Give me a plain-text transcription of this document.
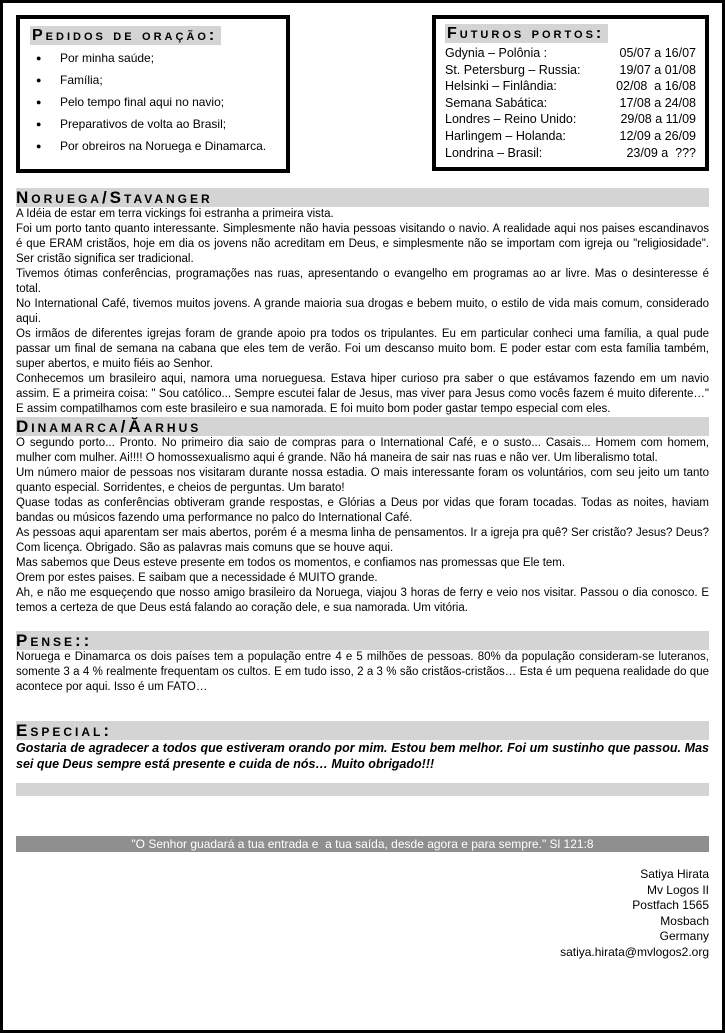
Pedidos de oração:
●	Por minha saúde;
●	Família;
●	Pelo tempo final aqui no navio;
●	Preparativos de volta ao Brasil;
●	Por obreiros na Noruega e Dinamarca.
Futuros portos:
Gdynia – Polônia :	05/07 a 16/07
St. Petersburg – Russia:	19/07 a 01/08
Helsinki – Finlândia:	02/08  a 16/08
Semana Sabática:	17/08 a 24/08
Londres – Reino Unido:	29/08 a 11/09
Harlingem – Holanda:	12/09 a 26/09
Londrina – Brasil:	23/09 a  ???
Noruega/Stavanger
A Idéia de estar em terra vickings foi estranha a primeira vista.
Foi um porto tanto quanto interessante. Simplesmente não havia pessoas visitando o navio. A realidade aqui nos paises escandinavos é que ERAM cristãos, hoje em dia os jovens não acreditam em Deus, e simplesmente não se importam com igreja ou "religiosidade". Ser cristão significa ser tradicional.
Tivemos ótimas conferências, programações nas ruas, apresentando o evangelho em programas ao ar livre. Mas o desinteresse é total.
No International Café, tivemos muitos jovens. A grande maioria sua drogas e bebem muito, o estilo de vida mais comum, considerado aqui.
Os irmãos de diferentes igrejas foram de grande apoio pra todos os tripulantes. Eu em particular conheci uma família, a qual pude passar um final de semana na cabana que eles tem de verão. Foi um descanso muito bom. E poder estar com esta família também, super abertos, e muito fiéis ao Senhor.
Conhecemos um brasileiro aqui, namora uma norueguesa. Estava hiper curioso pra saber o que estávamos fazendo em um navio assim. E a primeira coisa: " Sou católico... Sempre escutei falar de Jesus, mas viver para Jesus como vocês fazem é muito diferente…" E assim compatilhamos com este brasileiro e sua namorada. E foi muito bom poder gastar tempo especial com eles.
Dinamarca/Ăarhus
O segundo porto... Pronto. No primeiro dia saio de compras para o International Café, e o susto... Casais... Homem com homem, mulher com mulher. Ai!!!! O homossexualismo aqui é grande. Não há maneira de sair nas ruas e não ver. Um liberalismo total.
Um número maior de pessoas nos visitaram durante nossa estadia. O mais interessante foram os voluntários, com seu jeito um tanto quanto especial. Sorridentes, e cheios de perguntas. Um barato!
Quase todas as conferências obtiveram grande respostas, e Glórias a Deus por vidas que foram tocadas. Todas as noites, haviam bandas ou músicos fazendo uma performance no palco do International Café.
As pessoas aqui aparentam ser mais abertos, porém é a mesma linha de pensamentos. Ir a igreja pra quê? Ser cristão? Jesus? Deus? Com licença. Obrigado. São as palavras mais comuns que se houve aqui.
Mas sabemos que Deus esteve presente em todos os momentos, e confiamos nas promessas que Ele tem.
Orem por estes paises. E saibam que a necessidade é MUITO grande.
Ah, e não me esqueçendo que nosso amigo brasileiro da Noruega, viajou 3 horas de ferry e veio nos visitar. Passou o dia conosco. E temos a certeza de que Deus está falando ao coração dele, e sua namorada. Um vitória.
Pense::
Noruega e Dinamarca os dois países tem a população entre 4 e 5 milhões de pessoas. 80% da população consideram-se luteranos, somente 3 a 4 % realmente frequentam os cultos. E em tudo isso, 2 a 3 % são cristãos-cristãos… Esta é um pequena realidade do que acontece por aqui. Isso é um FATO…
Especial:
Gostaria de agradecer a todos que estiveram orando por mim. Estou bem melhor. Foi um sustinho que passou. Mas sei que Deus sempre está presente e cuida de nós… Muito obrigado!!!
"O Senhor guadará a tua entrada e  a tua saída, desde agora e para sempre." Sl 121:8
Satiya Hirata
Mv Logos II
Postfach 1565
Mosbach
Germany
satiya.hirata@mvlogos2.org
